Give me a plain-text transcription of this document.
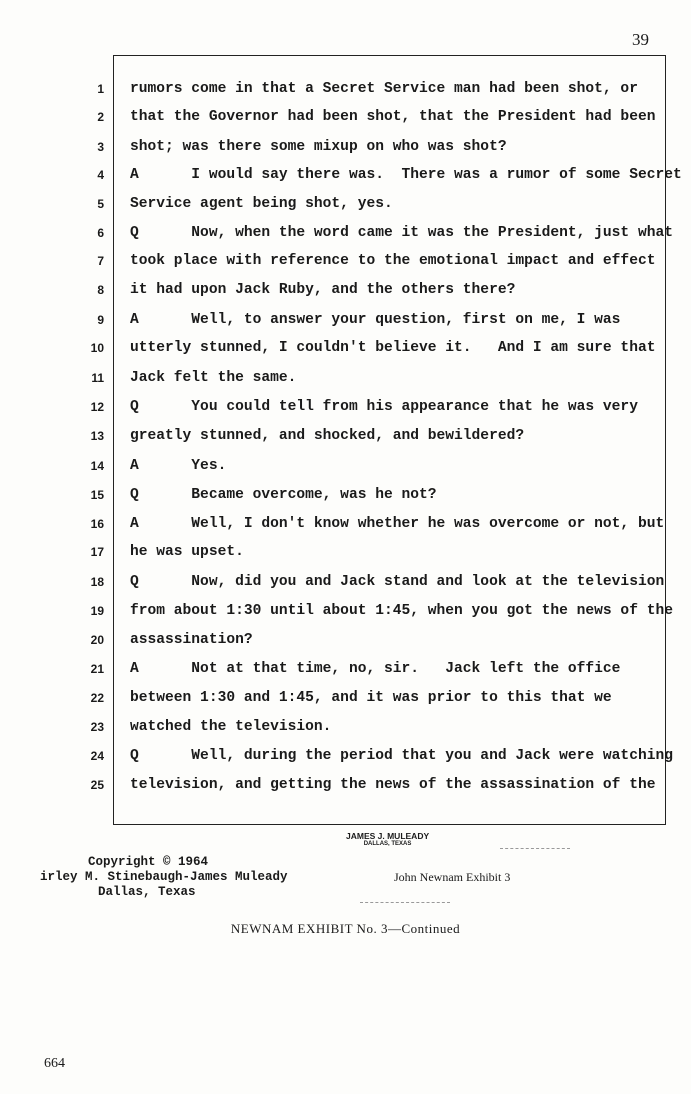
39
1 rumors come in that a Secret Service man had been shot, or
2 that the Governor had been shot, that the President had been
3 shot; was there some mixup on who was shot?
4 A      I would say there was.  There was a rumor of some Secret
5 Service agent being shot, yes.
6 Q      Now, when the word came it was the President, just what
7 took place with reference to the emotional impact and effect
8 it had upon Jack Ruby, and the others there?
9 A      Well, to answer your question, first on me, I was
10 utterly stunned, I couldn't believe it.   And I am sure that
11 Jack felt the same.
12 Q      You could tell from his appearance that he was very
13 greatly stunned, and shocked, and bewildered?
14 A      Yes.
15 Q      Became overcome, was he not?
16 A      Well, I don't know whether he was overcome or not, but
17 he was upset.
18 Q      Now, did you and Jack stand and look at the television
19 from about 1:30 until about 1:45, when you got the news of the
20 assassination?
21 A      Not at that time, no, sir.   Jack left the office
22 between 1:30 and 1:45, and it was prior to this that we
23 watched the television.
24 Q      Well, during the period that you and Jack were watching
25 television, and getting the news of the assassination of the
JAMES J. MULEADY
DALLAS, TEXAS
Copyright © 1964
irley M. Stinebaugh-James Muleady
Dallas, Texas
John Newnam Exhibit 3
NEWNAM EXHIBIT No. 3—Continued
664
